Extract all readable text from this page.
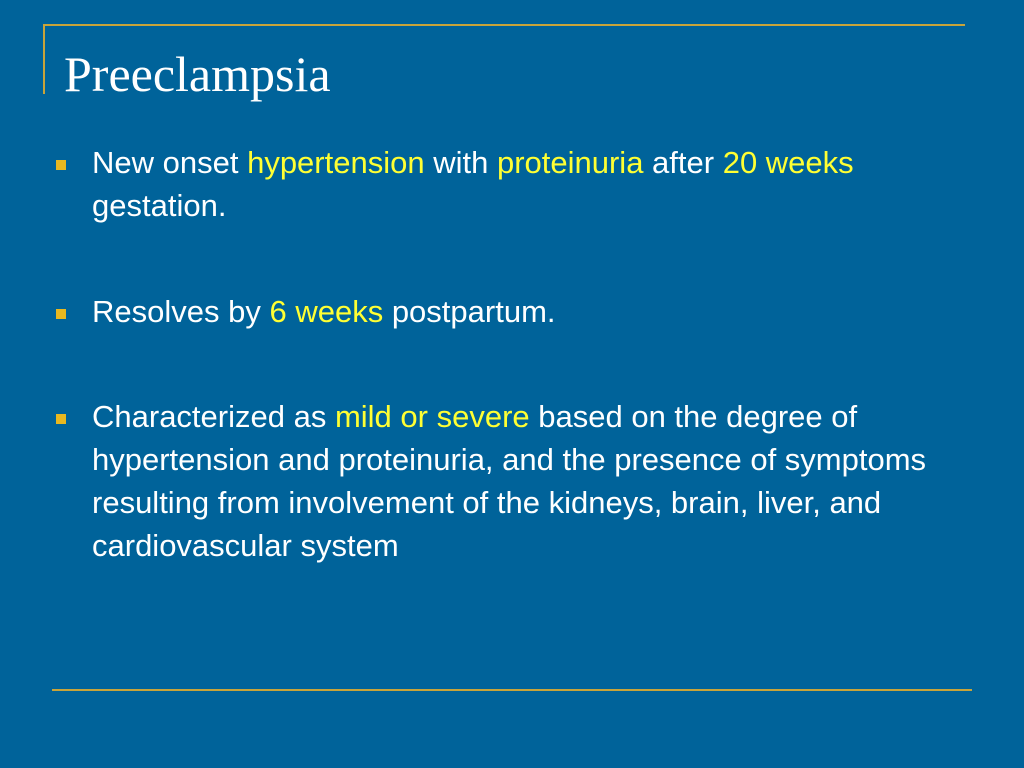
Preeclampsia

New onset hypertension with proteinuria after 20 weeks gestation.

Resolves by 6 weeks postpartum.

Characterized as mild or severe based on the degree of hypertension and proteinuria, and the presence of symptoms resulting from involvement of the kidneys, brain, liver, and cardiovascular system
